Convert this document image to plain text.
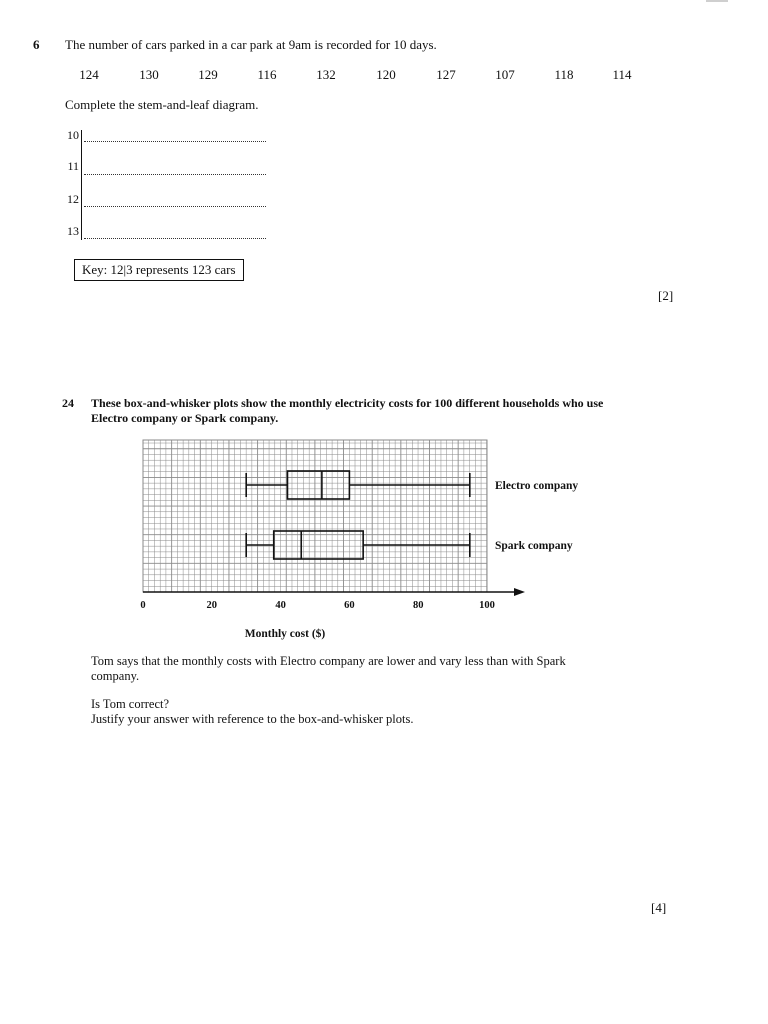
6 The number of cars parked in a car park at 9am is recorded for 10 days.
124	130	129	116	132	120	127	107	118	114
Complete the stem-and-leaf diagram.
10
11
12
13
Key: 12|3 represents 123 cars
[2]
24 These box-and-whisker plots show the monthly electricity costs for 100 different households who use
Electro company or Spark company.
0	20	40	60	80	100
Monthly cost ($)
Electro company
Spark company
Tom says that the monthly costs with Electro company are lower and vary less than with Spark
company.
Is Tom correct?
Justify your answer with reference to the box-and-whisker plots.
[4]
